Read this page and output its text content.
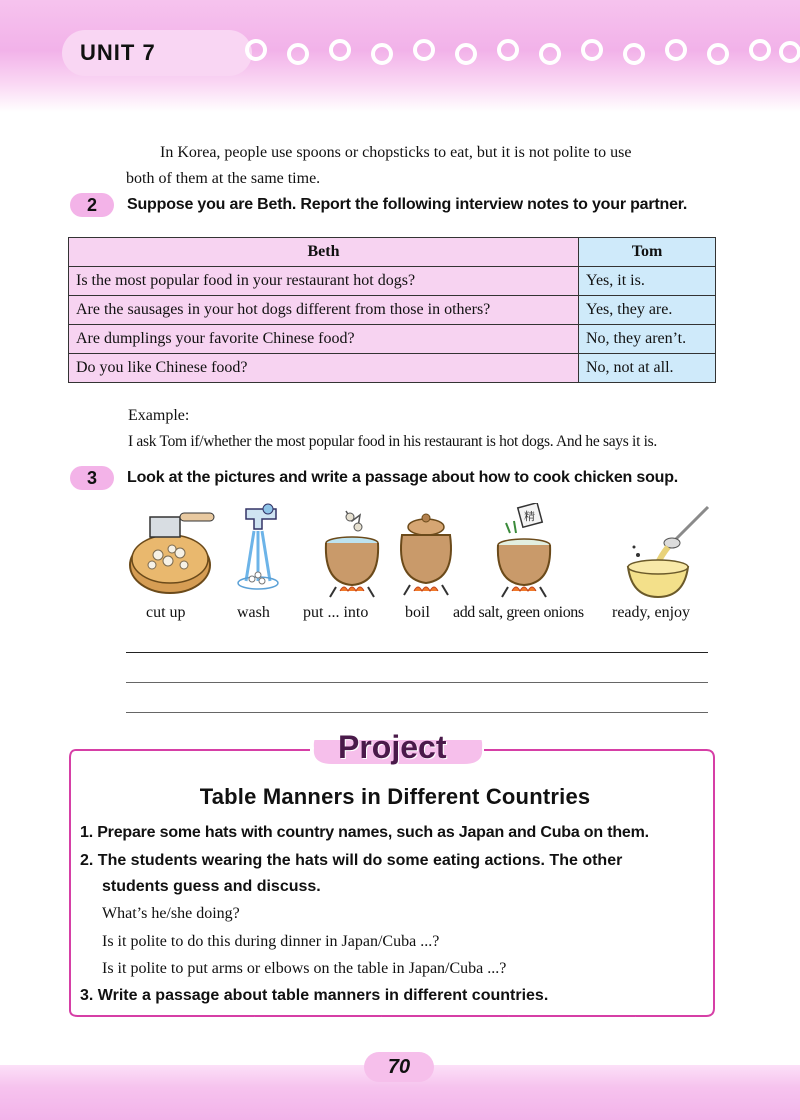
UNIT 7
In Korea, people use spoons or chopsticks to eat, but it is not polite to use
both of them at the same time.
2	Suppose you are Beth. Report the following interview notes to your partner.
Beth	Tom
Is the most popular food in your restaurant hot dogs?	Yes, it is.
Are the sausages in your hot dogs different from those in others?	Yes, they are.
Are dumplings your favorite Chinese food?	No, they aren’t.
Do you like Chinese food?	No, not at all.
Example:
I ask Tom if/whether the most popular food in his restaurant is hot dogs. And he says it is.
3	Look at the pictures and write a passage about how to cook chicken soup.
精
cut up	wash put ... into boil add salt, green onions ready, enjoy
Project
Table Manners in Different Countries
1. Prepare some hats with country names, such as Japan and Cuba on them.
2. The students wearing the hats will do some eating actions. The other
students guess and discuss.
What’s he/she doing?
Is it polite to do this during dinner in Japan/Cuba ...?
Is it polite to put arms or elbows on the table in Japan/Cuba ...?
3. Write a passage about table manners in different countries.
70
